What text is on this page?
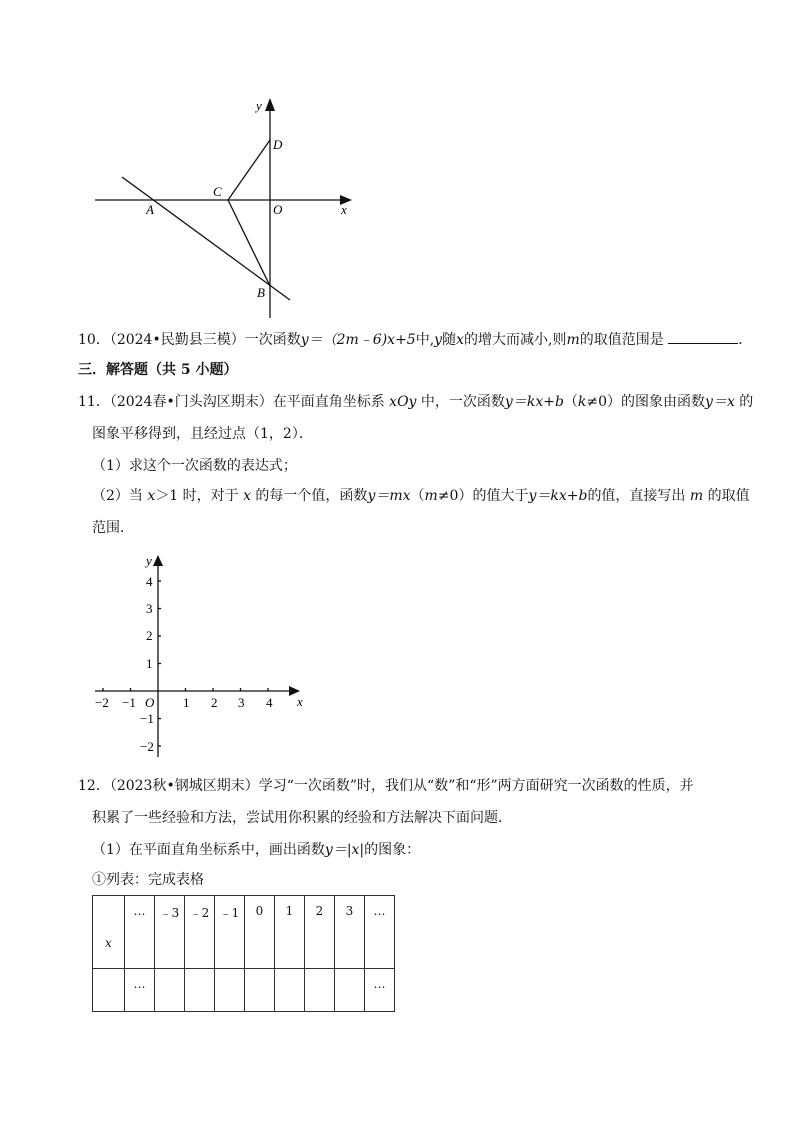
y
x
D
C
A	O
B
10．（2024•民勤县三模）一次函数y＝（2m﹣6)x+5中,y随x的增大而减小,则m的取值范围是	．
三．解答题（共 5 小题）
11．（2024春•门头沟区期末）在平面直角坐标系 xOy 中，一次函数y＝kx+b（k≠0）的图象由函数y＝x 的
图象平移得到，且经过点（1，2）．
（1）求这个一次函数的表达式；
（2）当 x＞1 时，对于 x 的每一个值，函数y＝mx（m≠0）的值大于y＝kx+b的值，直接写出 m 的取值
范围．
y
x
O
−2 −1	1 2 3 4
4
3
2
1
−1
−2
12．（2023秋•钢城区期末）学习“一次函数”时，我们从“数”和“形”两方面研究一次函数的性质，并
积累了一些经验和方法，尝试用你积累的经验和方法解决下面问题．
（1）在平面直角坐标系中，画出函数y＝|x|的图象：
①列表：完成表格
x	…	﹣3	﹣2	﹣1	0	1	2	3	…
	…								…
